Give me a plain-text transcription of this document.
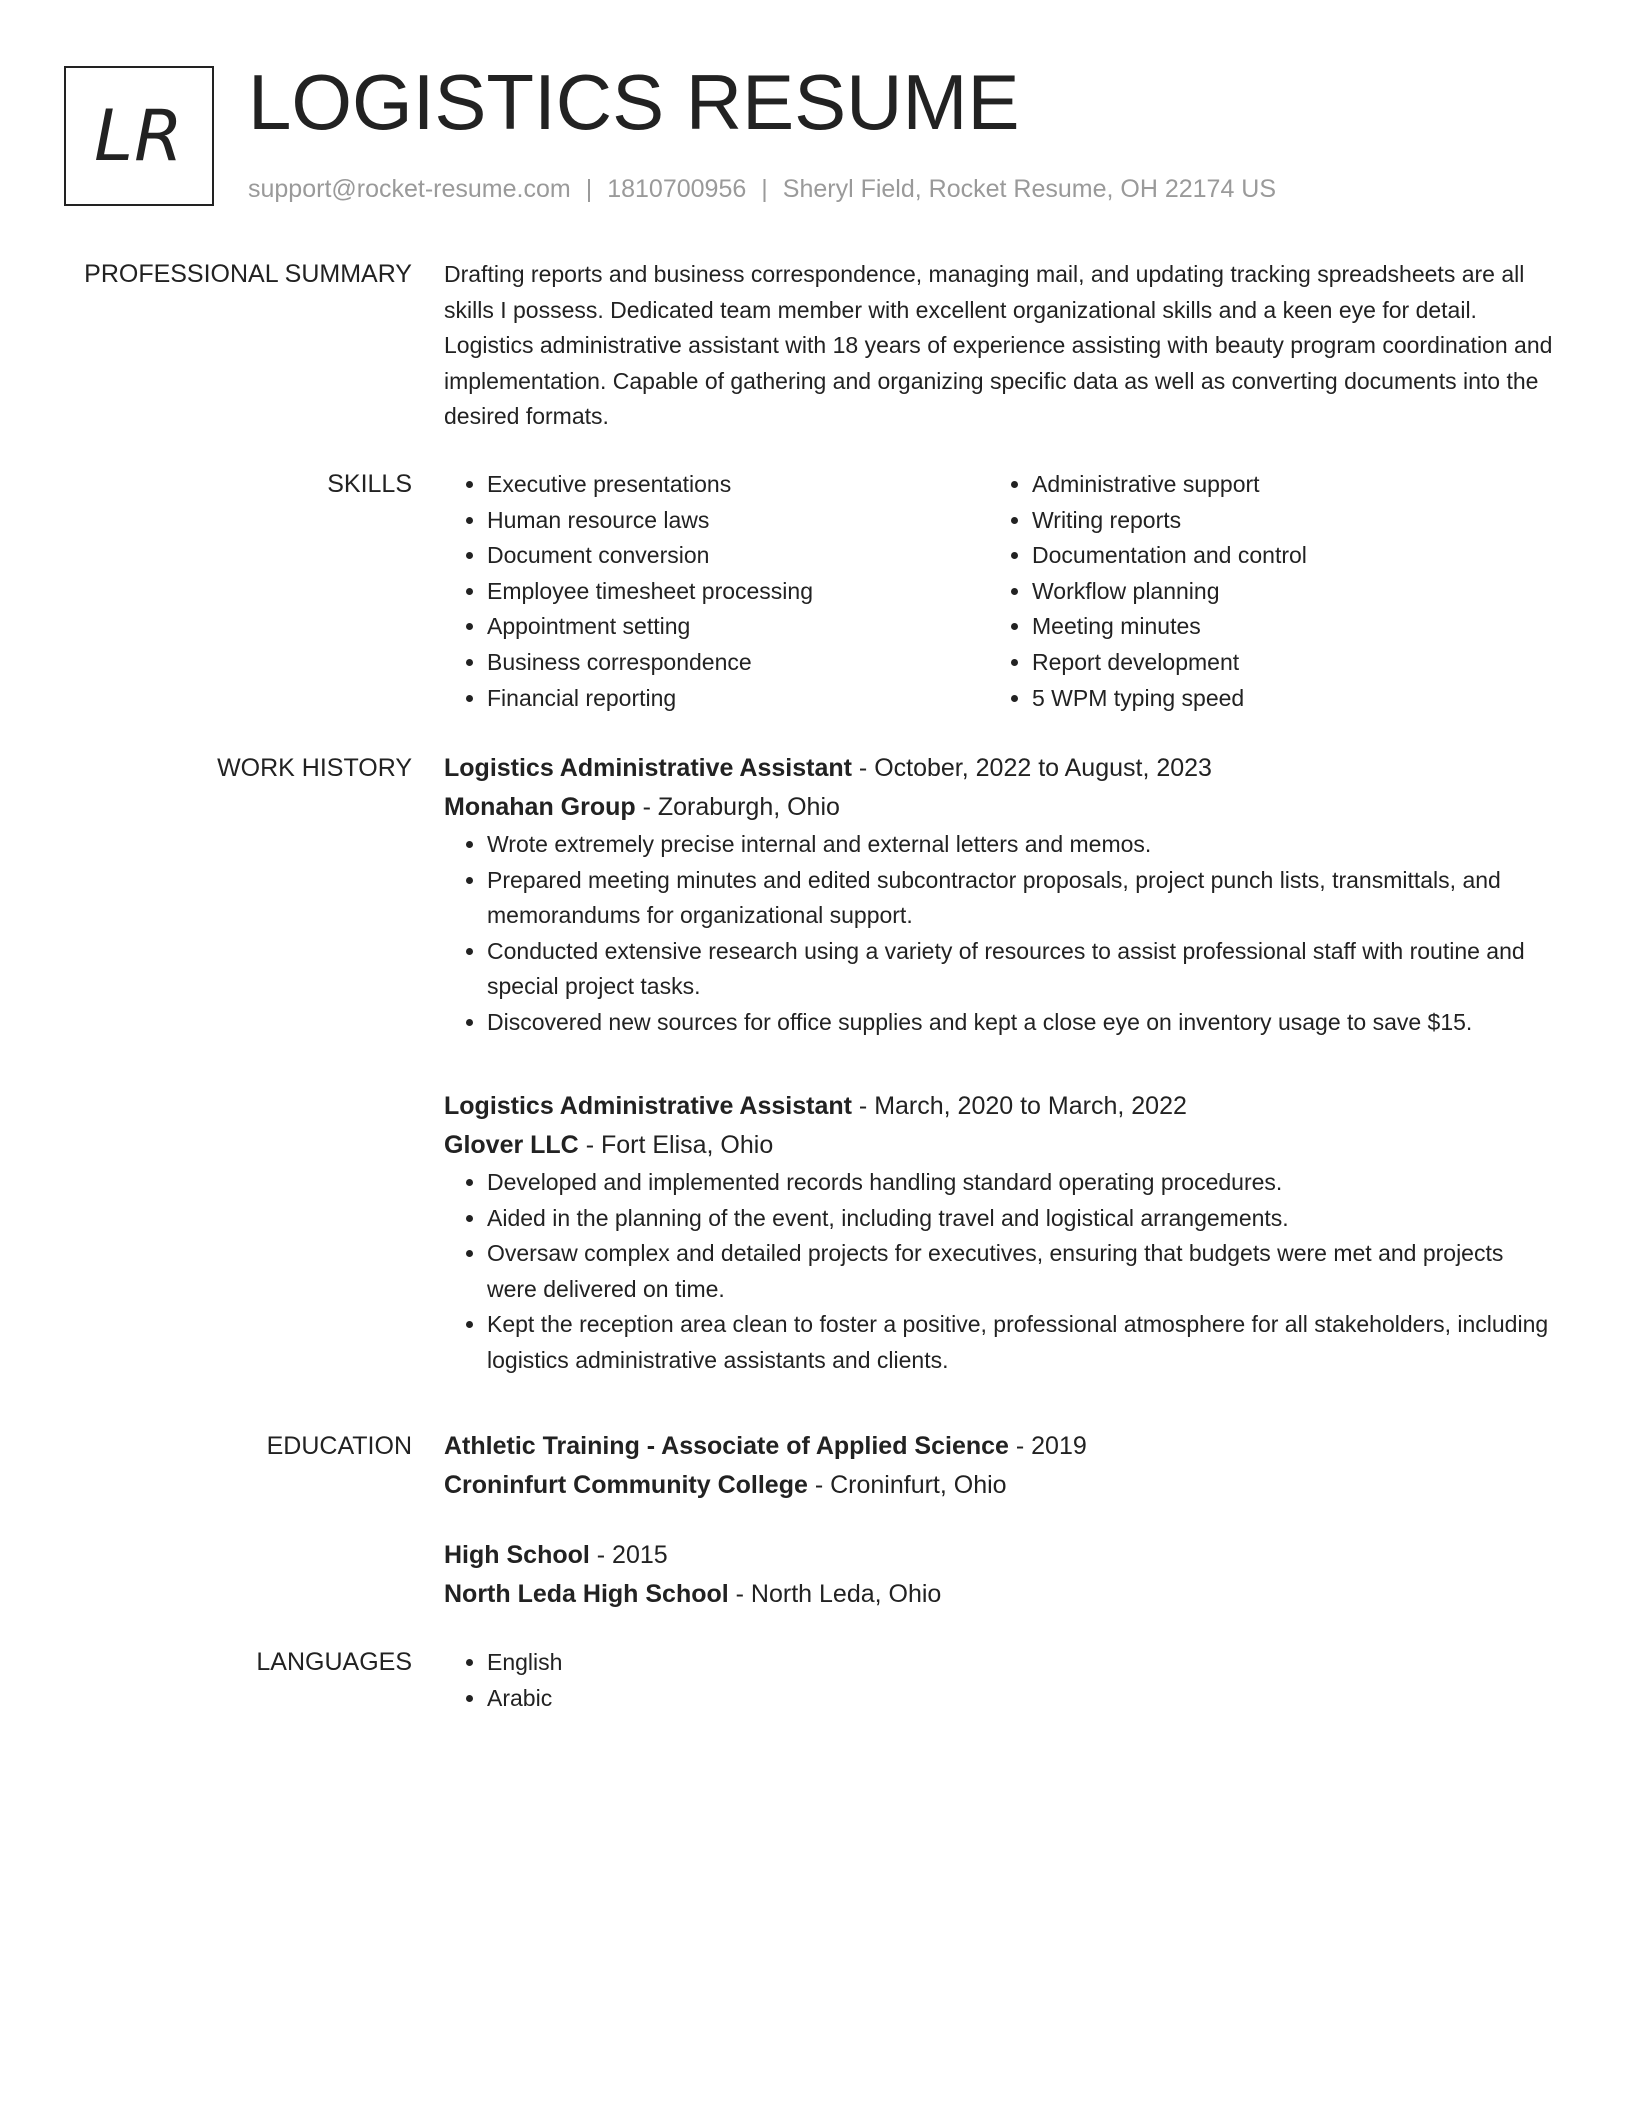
LR LOGISTICS RESUME
support@rocket-resume.com | 1810700956 | Sheryl Field, Rocket Resume, OH 22174 US
PROFESSIONAL SUMMARY Drafting reports and business correspondence, managing mail, and updating tracking spreadsheets are all skills I possess. Dedicated team member with excellent organizational skills and a keen eye for detail. Logistics administrative assistant with 18 years of experience assisting with beauty program coordination and implementation. Capable of gathering and organizing specific data as well as converting documents into the desired formats.

SKILLS	• Executive presentations
• Human resource laws
• Document conversion
• Employee timesheet processing
• Appointment setting
• Business correspondence
• Financial reporting
• Administrative support
• Writing reports
• Documentation and control
• Workflow planning
• Meeting minutes
• Report development
• 5 WPM typing speed
WORK HISTORY Logistics Administrative Assistant - October, 2022 to August, 2023
Monahan Group - Zoraburgh, Ohio
• Wrote extremely precise internal and external letters and memos.
• Prepared meeting minutes and edited subcontractor proposals, project punch lists, transmittals, and memorandums for organizational support.
• Conducted extensive research using a variety of resources to assist professional staff with routine and special project tasks.
• Discovered new sources for office supplies and kept a close eye on inventory usage to save $15.
Logistics Administrative Assistant - March, 2020 to March, 2022
Glover LLC - Fort Elisa, Ohio
• Developed and implemented records handling standard operating procedures.
• Aided in the planning of the event, including travel and logistical arrangements.
• Oversaw complex and detailed projects for executives, ensuring that budgets were met and projects were delivered on time.
• Kept the reception area clean to foster a positive, professional atmosphere for all stakeholders, including logistics administrative assistants and clients.
EDUCATION Athletic Training - Associate of Applied Science - 2019
Croninfurt Community College - Croninfurt, Ohio
High School - 2015
North Leda High School - North Leda, Ohio
LANGUAGES	• English
• Arabic
